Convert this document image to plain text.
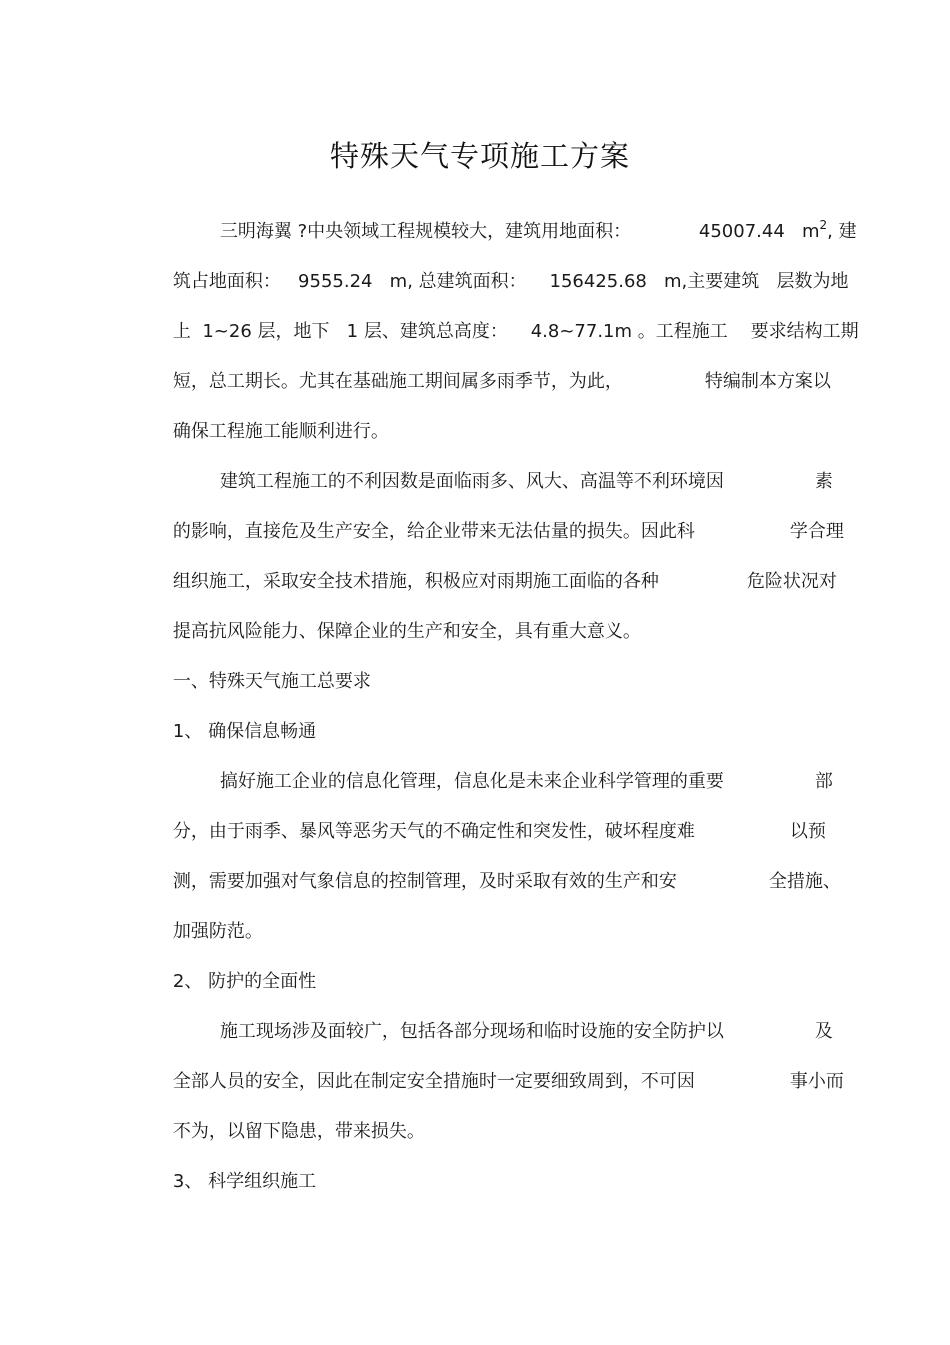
特殊天气专项施工方案

三明海翼 ?中央领域工程规模较大，建筑用地面积：
	45007.44   $m^2$, 建

筑占地面积：   9555.24   m, 总建筑面积：    156425.68   m,主要建筑   层数为地

上  1~26 层，地下   1 层、建筑总高度：    4.8~77.1m 。工程施工    要求结构工期

短，总工期长。尤其在基础施工期间属多雨季节，为此，
	特编制本方案以

确保工程施工能顺利进行。

建筑工程施工的不利因数是面临雨多、风大、高温等不利环境因
	素

的影响，直接危及生产安全，给企业带来无法估量的损失。因此科
	学合理

组织施工，采取安全技术措施，积极应对雨期施工面临的各种
	危险状况对

提高抗风险能力、保障企业的生产和安全，具有重大意义。

一、特殊天气施工总要求

1、 确保信息畅通

搞好施工企业的信息化管理，信息化是未来企业科学管理的重要
	部

分，由于雨季、暴风等恶劣天气的不确定性和突发性，破坏程度难
	以预

测，需要加强对气象信息的控制管理，及时采取有效的生产和安
	全措施、

加强防范。

2、 防护的全面性

施工现场涉及面较广，包括各部分现场和临时设施的安全防护以
	及

全部人员的安全，因此在制定安全措施时一定要细致周到，不可因
	事小而

不为，以留下隐患，带来损失。

3、 科学组织施工
